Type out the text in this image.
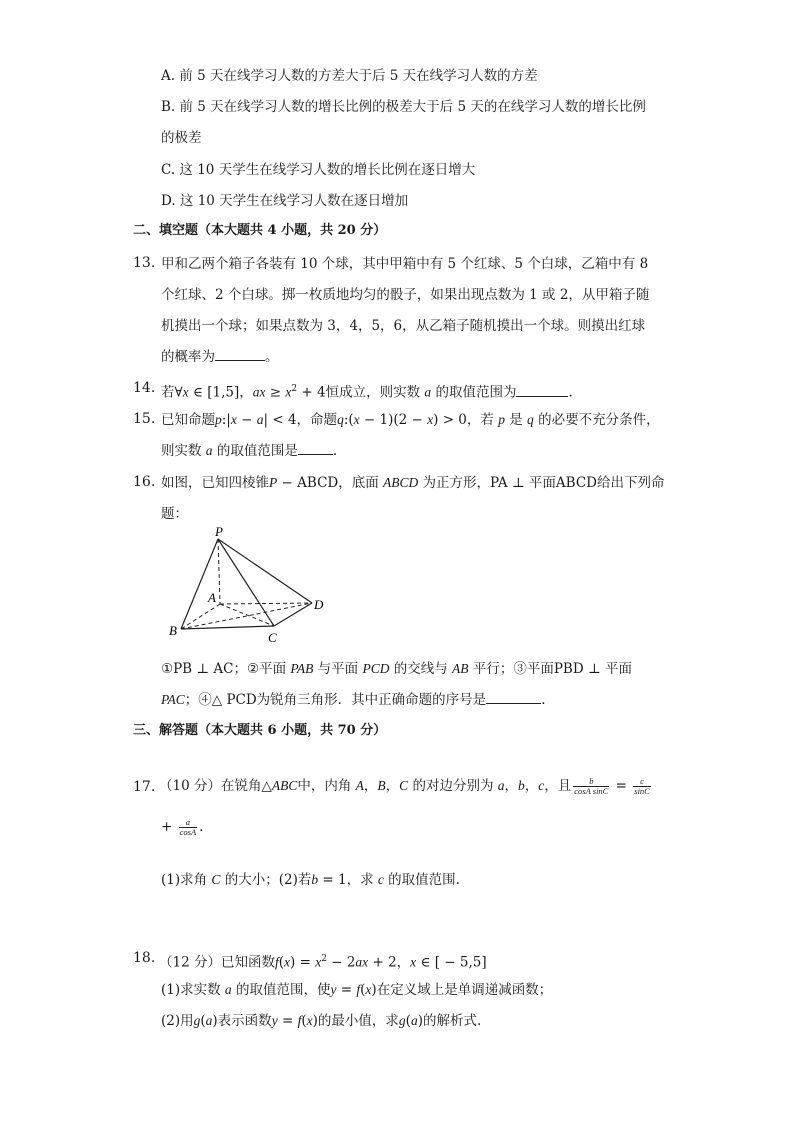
A. 前 5 天在线学习人数的方差大于后 5 天在线学习人数的方差
B. 前 5 天在线学习人数的增长比例的极差大于后 5 天的在线学习人数的增长比例
的极差
C. 这 10 天学生在线学习人数的增长比例在逐日增大
D. 这 10 天学生在线学习人数在逐日增加
二、填空题（本大题共 4 小题，共 20 分）
13. 甲和乙两个箱子各装有 10 个球，其中甲箱中有 5 个红球、5 个白球，乙箱中有 8
个红球、2 个白球。掷一枚质地均匀的骰子，如果出现点数为 1 或 2，从甲箱子随
机摸出一个球；如果点数为 3，4，5，6，从乙箱子随机摸出一个球。则摸出红球
的概率为	。
14. 若∀x ∈ [1,5]，ax ≥ $x^2 + 4$恒成立，则实数 a 的取值范围为	.
15. 已知命题p:|x − a| < 4，命题q:(x − 1)(2 − x) > 0，若 p 是 q 的必要不充分条件，
则实数 a 的取值范围是	.
16. 如图，已知四棱锥P − ABCD，底面 ABCD 为正方形，PA ⊥ 平面ABCD给出下列命
题：
P
A
B	C
D
①PB ⊥ AC；②平面 PAB 与平面 PCD 的交线与 AB 平行；③平面PBD ⊥ 平面
PAC；④△ PCD为锐角三角形．其中正确命题的序号是	.
三、解答题（本大题共 6 小题，共 70 分）
17. （10 分）在锐角△ABC中，内角 A，B，C 的对边分别为 a，b，c，且 $\frac{b}{\text{cosA sinC}} = \frac{c}{\sin C}$
+ $\frac{a}{\cos A}$ .
(1)求角 C 的大小；(2)若b = 1，求 c 的取值范围.
18. （12 分）已知函数$f(x) = x^2 - 2ax + 2$，x ∈ [ − 5,5]
(1)求实数 a 的取值范围，使y = f(x)在定义域上是单调递减函数；
(2)用g(a)表示函数y = f(x)的最小值，求g(a)的解析式.
